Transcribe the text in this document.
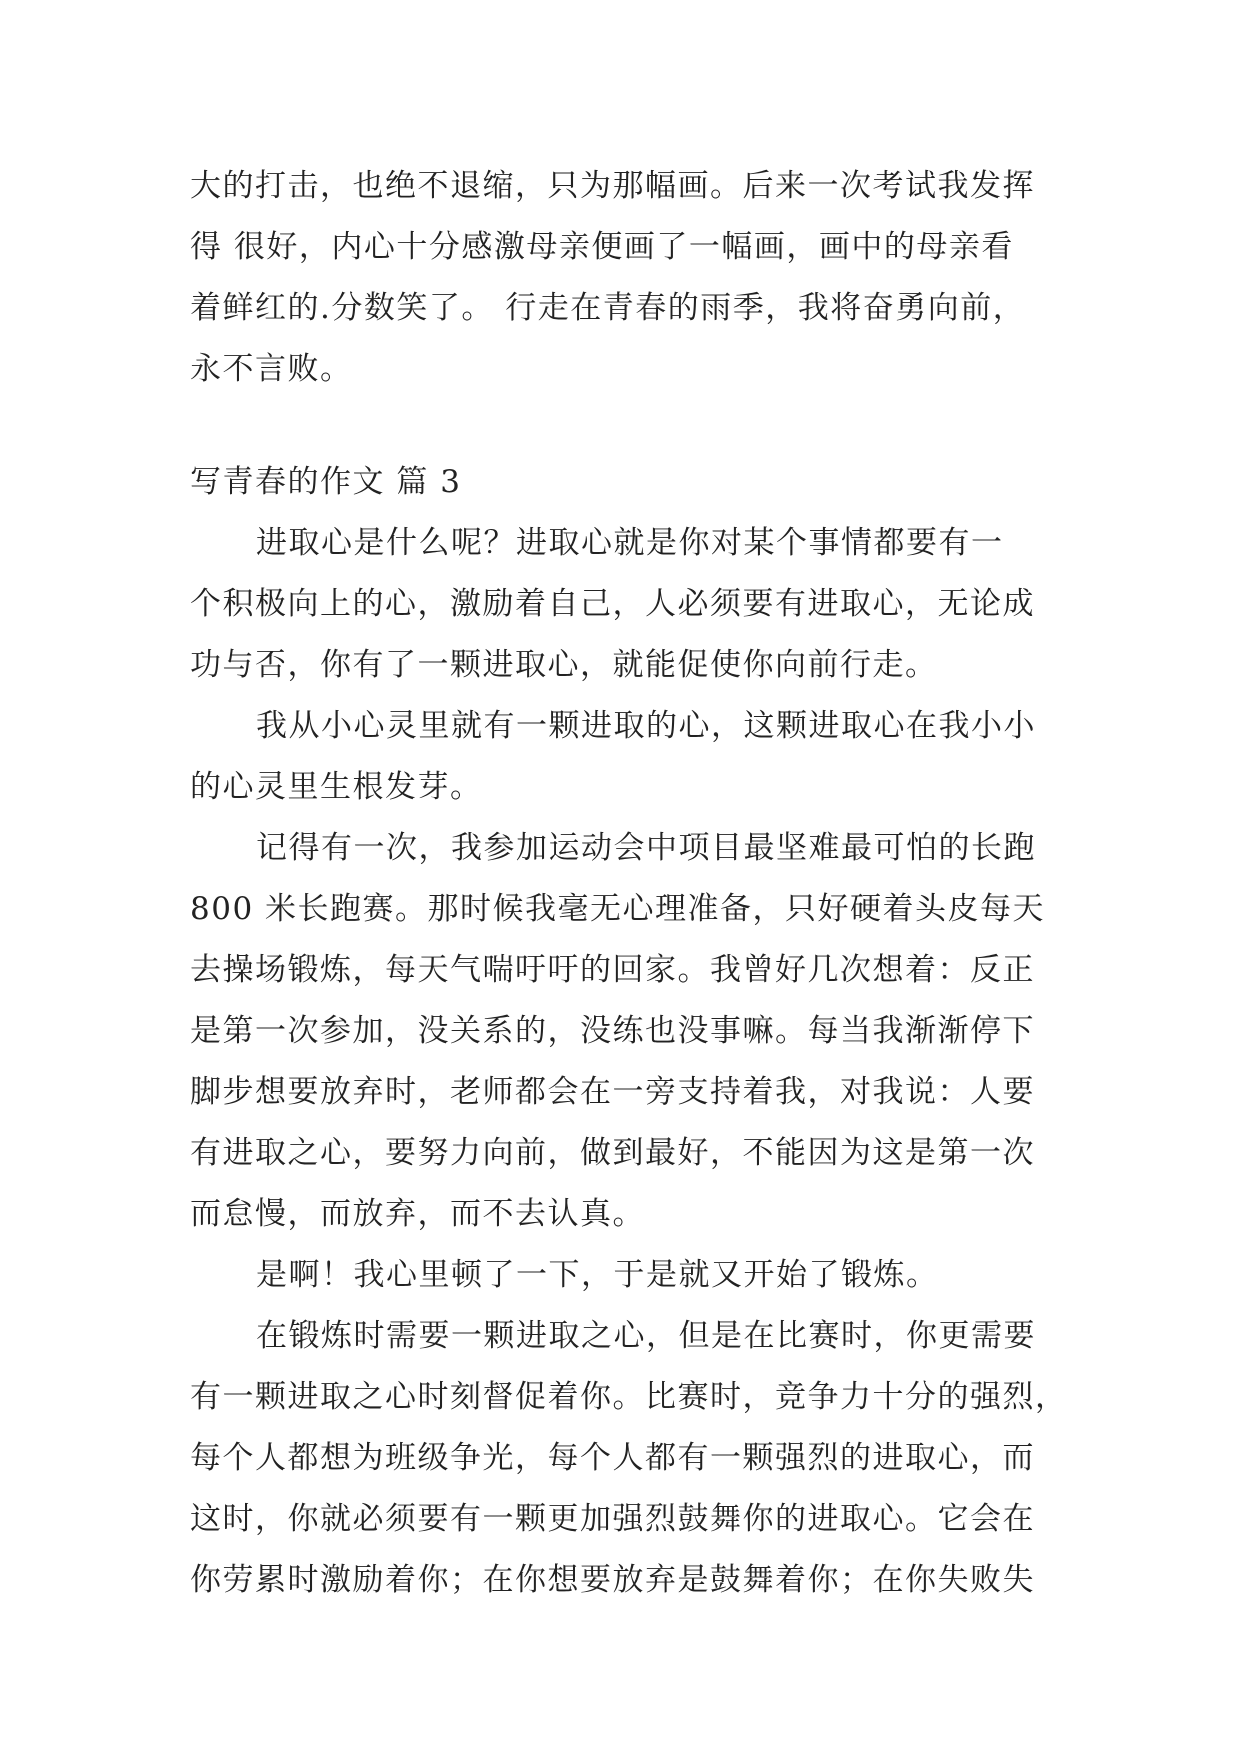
大的打击，也绝不退缩，只为那幅画。后来一次考试我发挥
得 很好，内心十分感激母亲便画了一幅画，画中的母亲看
着鲜红的.分数笑了。 行走在青春的雨季，我将奋勇向前，
永不言败。
写青春的作文 篇 3
进取心是什么呢？进取心就是你对某个事情都要有一
个积极向上的心，激励着自己，人必须要有进取心，无论成
功与否，你有了一颗进取心，就能促使你向前行走。
我从小心灵里就有一颗进取的心，这颗进取心在我小小
的心灵里生根发芽。
记得有一次，我参加运动会中项目最坚难最可怕的长跑
800 米长跑赛。那时候我毫无心理准备，只好硬着头皮每天
去操场锻炼，每天气喘吁吁的回家。我曾好几次想着：反正
是第一次参加，没关系的，没练也没事嘛。每当我渐渐停下
脚步想要放弃时，老师都会在一旁支持着我，对我说：人要
有进取之心，要努力向前，做到最好，不能因为这是第一次
而怠慢，而放弃，而不去认真。
是啊！我心里顿了一下，于是就又开始了锻炼。
在锻炼时需要一颗进取之心，但是在比赛时，你更需要
有一颗进取之心时刻督促着你。比赛时，竞争力十分的强烈，
每个人都想为班级争光，每个人都有一颗强烈的进取心，而
这时，你就必须要有一颗更加强烈鼓舞你的进取心。它会在
你劳累时激励着你；在你想要放弃是鼓舞着你；在你失败失
